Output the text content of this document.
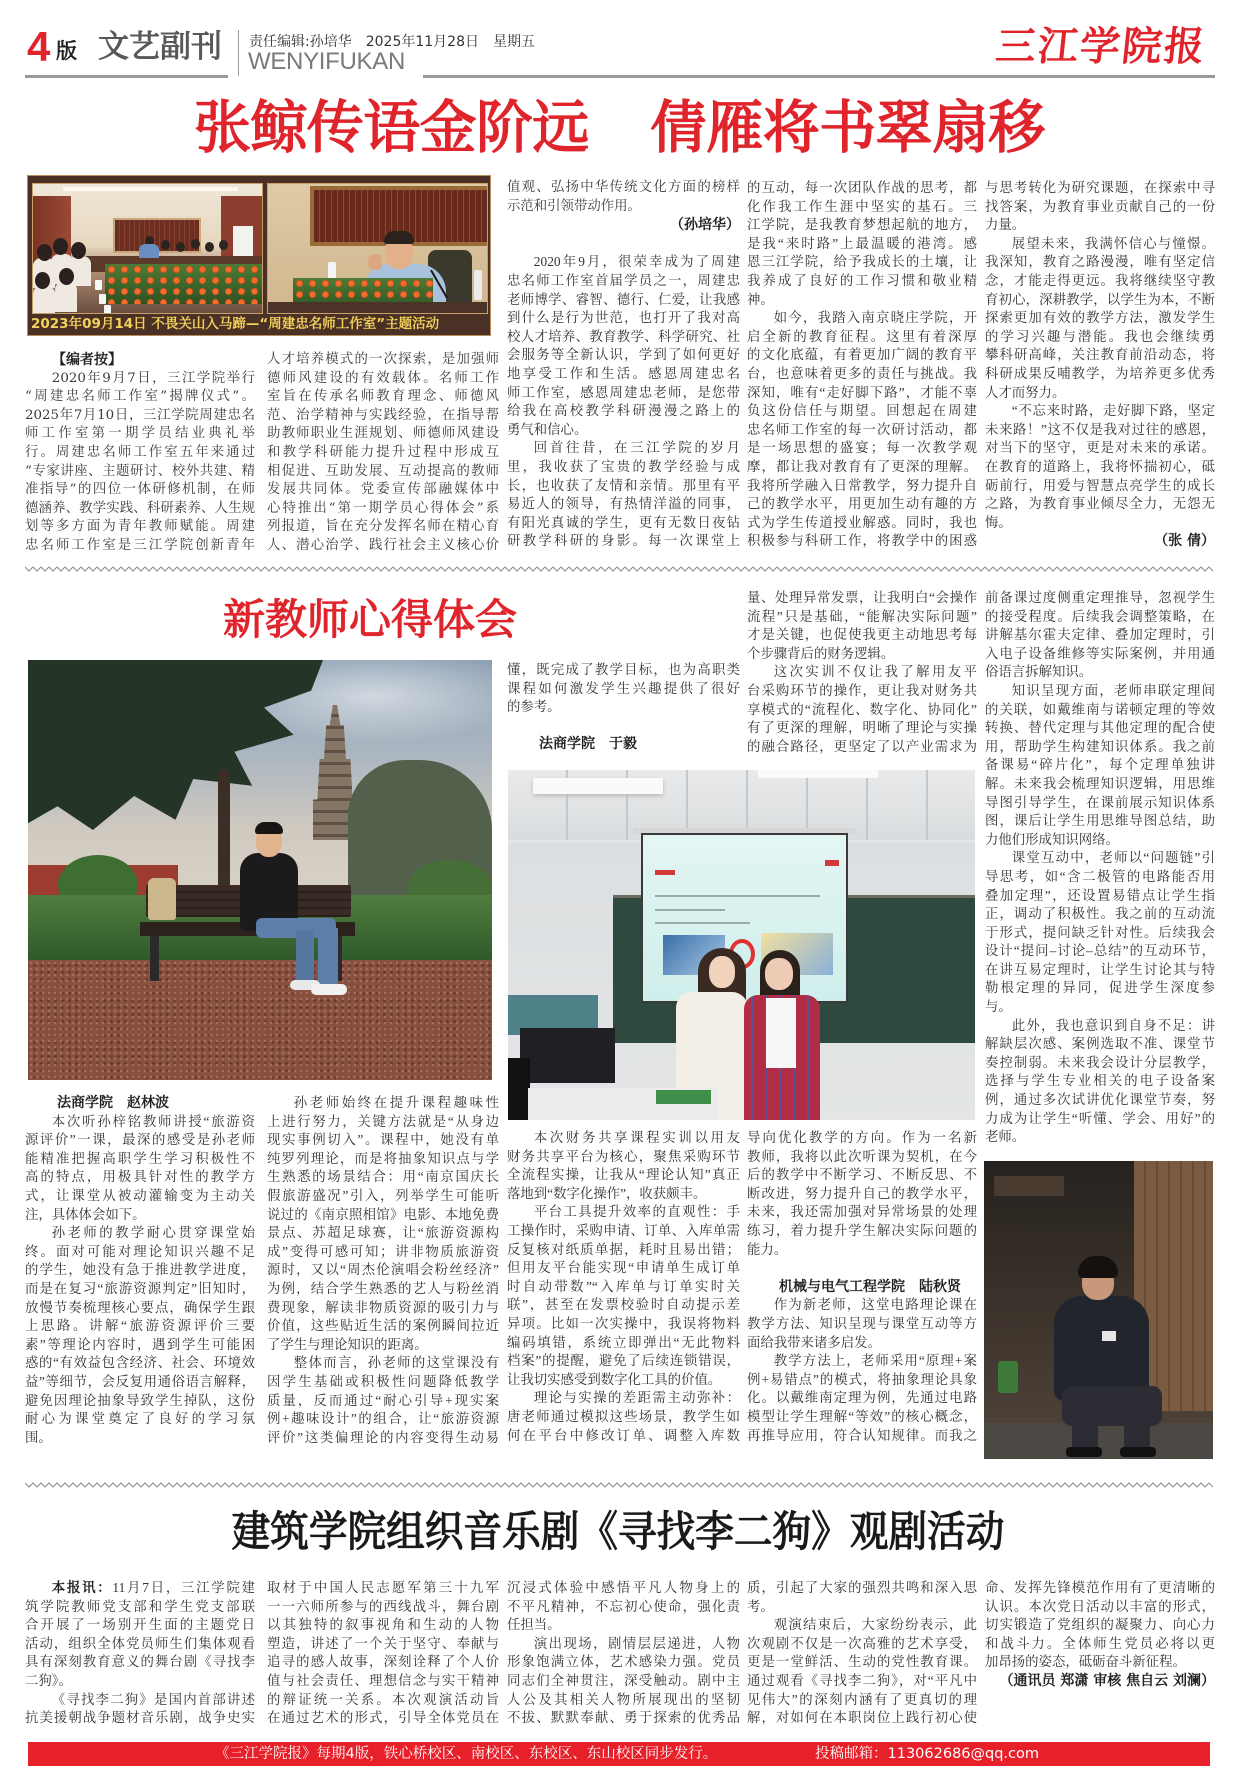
4 版 文艺副刊 责任编辑:孙培华 2025年11月28日 星期五
WENYIFUKAN	三江学院报
张鲸传语金阶远 倩雁将书翠扇移
2023年09月14日 不畏关山入马蹄—“周建忠名师工作室”主题活动
【编者按】
2020年9月7日，三江学院举行
“周建忠名师工作室”揭牌仪式”。
2025年7月10日，三江学院周建忠名
师工作室第一期学员结业典礼举
行。周建忠名师工作室五年来通过
“专家讲座、主题研讨、校外共建、精
准指导”的四位一体研修机制，在师
德涵养、教学实践、科研素养、人生规
划等多方面为青年教师赋能。周建
忠名师工作室是三江学院创新青年
人才培养模式的一次探索，是加强师
德师风建设的有效载体。名师工作
室旨在传承名师教育理念、师德风
范、治学精神与实践经验，在指导帮
助教师职业生涯规划、师德师风建设
和教学科研能力提升过程中形成互
相促进、互助发展、互动提高的教师
发展共同体。党委宣传部融媒体中
心特推出“第一期学员心得体会”系
列报道，旨在充分发挥名师在精心育
人、潜心治学、践行社会主义核心价
值观、弘扬中华传统文化方面的榜样
示范和引领带动作用。
（孙培华）
2020年9月，很荣幸成为了周建
忠名师工作室首届学员之一，周建忠
老师博学、睿智、德行、仁爱，让我感
到什么是行为世范，也打开了我对高
校人才培养、教育教学、科学研究、社
会服务等全新认识，学到了如何更好
地享受工作和生活。感恩周建忠名
师工作室，感恩周建忠老师，是您带
给我在高校教学科研漫漫之路上的
勇气和信心。
回首往昔，在三江学院的岁月
里，我收获了宝贵的教学经验与成
长，也收获了友情和亲情。那里有平
易近人的领导，有热情洋溢的同事，
有阳光真诚的学生，更有无数日夜钻
研教学科研的身影。每一次课堂上
的互动，每一次团队作战的思考，都
化作我工作生涯中坚实的基石。三
江学院，是我教育梦想起航的地方，
是我“来时路”上最温暖的港湾。感
恩三江学院，给予我成长的土壤，让
我养成了良好的工作习惯和敬业精
神。
如今，我踏入南京晓庄学院，开
启全新的教育征程。这里有着深厚
的文化底蕴，有着更加广阔的教育平
台，也意味着更多的责任与挑战。我
深知，唯有“走好脚下路”，才能不辜
负这份信任与期望。回想起在周建
忠名师工作室的每一次研讨活动，都
是一场思想的盛宴；每一次教学观
摩，都让我对教育有了更深的理解。
我将所学融入日常教学，努力提升自
己的教学水平，用更加生动有趣的方
式为学生传道授业解惑。同时，我也
积极参与科研工作，将教学中的困惑
与思考转化为研究课题，在探索中寻
找答案，为教育事业贡献自己的一份
力量。
展望未来，我满怀信心与憧憬。
我深知，教育之路漫漫，唯有坚定信
念，才能走得更远。我将继续坚守教
育初心，深耕教学，以学生为本，不断
探索更加有效的教学方法，激发学生
的学习兴趣与潜能。我也会继续勇
攀科研高峰，关注教育前沿动态，将
科研成果反哺教学，为培养更多优秀
人才而努力。
“不忘来时路，走好脚下路，坚定
未来路！”这不仅是我对过往的感恩，
对当下的坚守，更是对未来的承诺。
在教育的道路上，我将怀揣初心，砥
砺前行，用爱与智慧点亮学生的成长
之路，为教育事业倾尽全力，无怨无
悔。
（张 倩）
新教师心得体会
懂，既完成了教学目标，也为高职类
课程如何激发学生兴趣提供了很好
的参考。
法商学院　于毅
量、处理异常发票，让我明白“会操作
流程”只是基础，“能解决实际问题”
才是关键，也促使我更主动地思考每
个步骤背后的财务逻辑。
这次实训不仅让我了解用友平
台采购环节的操作，更让我对财务共
享模式的“流程化、数字化、协同化”
有了更深的理解，明晰了理论与实操
的融合路径，更坚定了以产业需求为
前备课过度侧重定理推导，忽视学生
的接受程度。后续我会调整策略，在
讲解基尔霍夫定律、叠加定理时，引
入电子设备维修等实际案例，并用通
俗语言拆解知识。
知识呈现方面，老师串联定理间
的关联，如戴维南与诺顿定理的等效
转换、替代定理与其他定理的配合使
用，帮助学生构建知识体系。我之前
备课易“碎片化”，每个定理单独讲
解。未来我会梳理知识逻辑，用思维
导图引导学生，在课前展示知识体系
图，课后让学生用思维导图总结，助
力他们形成知识网络。
课堂互动中，老师以“问题链”引
导思考，如“含二极管的电路能否用
叠加定理”，还设置易错点让学生指
正，调动了积极性。我之前的互动流
于形式，提问缺乏针对性。后续我会
设计“提问–讨论–总结”的互动环节，
在讲互易定理时，让学生讨论其与特
勒根定理的异同，促进学生深度参
与。
此外，我也意识到自身不足：讲
解缺层次感、案例选取不准、课堂节
奏控制弱。未来我会设计分层教学，
选择与学生专业相关的电子设备案
例，通过多次试讲优化课堂节奏，努
力成为让学生“听懂、学会、用好”的
老师。
法商学院　赵林波
本次听孙梓铭教师讲授“旅游资
源评价”一课，最深的感受是孙老师
能精准把握高职学生学习积极性不
高的特点，用极具针对性的教学方
式，让课堂从被动灌输变为主动关
注，具体体会如下。
孙老师的教学耐心贯穿课堂始
终。面对可能对理论知识兴趣不足
的学生，她没有急于推进教学进度，
而是在复习“旅游资源判定”旧知时，
放慢节奏梳理核心要点，确保学生跟
上思路。讲解“旅游资源评价三要
素”等理论内容时，遇到学生可能困
惑的“有效益包含经济、社会、环境效
益”等细节，会反复用通俗语言解释，
避免因理论抽象导致学生掉队，这份
耐心为课堂奠定了良好的学习氛
围。
孙老师始终在提升课程趣味性
上进行努力，关键方法就是“从身边
现实事例切入”。课程中，她没有单
纯罗列理论，而是将抽象知识点与学
生熟悉的场景结合：用“南京国庆长
假旅游盛况”引入，列举学生可能听
说过的《南京照相馆》电影、本地免费
景点、苏超足球赛，让“旅游资源构
成”变得可感可知；讲非物质旅游资
源时，又以“周杰伦演唱会粉丝经济”
为例，结合学生熟悉的艺人与粉丝消
费现象，解读非物质资源的吸引力与
价值，这些贴近生活的案例瞬间拉近
了学生与理论知识的距离。
整体而言，孙老师的这堂课没有
因学生基础或积极性问题降低教学
质量，反而通过“耐心引导+现实案
例+趣味设计”的组合，让“旅游资源
评价”这类偏理论的内容变得生动易
本次财务共享课程实训以用友
财务共享平台为核心，聚焦采购环节
全流程实操，让我从“理论认知”真正
落地到“数字化操作”，收获颇丰。
平台工具提升效率的直观性：手
工操作时，采购申请、订单、入库单需
反复核对纸质单据，耗时且易出错；
但用友平台能实现“申请单生成订单
时自动带数”“入库单与订单实时关
联”，甚至在发票校验时自动提示差
异项。比如一次实操中，我误将物料
编码填错，系统立即弹出“无此物料
档案”的提醒，避免了后续连锁错误，
让我切实感受到数字化工具的价值。
理论与实操的差距需主动弥补：
唐老师通过模拟这些场景，教学生如
何在平台中修改订单、调整入库数
导向优化教学的方向。作为一名新
教师，我将以此次听课为契机，在今
后的教学中不断学习、不断反思、不
断改进，努力提升自己的教学水平，
未来，我还需加强对异常场景的处理
练习，着力提升学生解决实际问题的
能力。
机械与电气工程学院　陆秋贤
作为新老师，这堂电路理论课在
教学方法、知识呈现与课堂互动等方
面给我带来诸多启发。
教学方法上，老师采用“原理+案
例+易错点”的模式，将抽象理论具象
化。以戴维南定理为例，先通过电路
模型让学生理解“等效”的核心概念，
再推导应用，符合认知规律。而我之
建筑学院组织音乐剧《寻找李二狗》观剧活动
本报讯：11月7日，三江学院建
筑学院教师党支部和学生党支部联
合开展了一场别开生面的主题党日
活动，组织全体党员师生们集体观看
具有深刻教育意义的舞台剧《寻找李
二狗》。
《寻找李二狗》是国内首部讲述
抗美援朝战争题材音乐剧，战争史实
取材于中国人民志愿军第三十九军
一一六师所参与的西线战斗，舞台剧
以其独特的叙事视角和生动的人物
塑造，讲述了一个关于坚守、奉献与
追寻的感人故事，深刻诠释了个人价
值与社会责任、理想信念与实干精神
的辩证统一关系。本次观演活动旨
在通过艺术的形式，引导全体党员在
沉浸式体验中感悟平凡人物身上的
不平凡精神，不忘初心使命，强化责
任担当。
演出现场，剧情层层递进，人物
形象饱满立体，艺术感染力强。党员
同志们全神贯注，深受触动。剧中主
人公及其相关人物所展现出的坚韧
不拔、默默奉献、勇于探索的优秀品
质，引起了大家的强烈共鸣和深入思
考。
观演结束后，大家纷纷表示，此
次观剧不仅是一次高雅的艺术享受，
更是一堂鲜活、生动的党性教育课。
通过观看《寻找李二狗》，对“平凡中
见伟大”的深刻内涵有了更真切的理
解，对如何在本职岗位上践行初心使
命、发挥先锋模范作用有了更清晰的
认识。本次党日活动以丰富的形式，
切实锻造了党组织的凝聚力、向心力
和战斗力。全体师生党员必将以更
加昂扬的姿态，砥砺奋斗新征程。
（通讯员 郑潇 审核 焦自云 刘澜）
《三江学院报》每期4版，铁心桥校区、南校区、东校区、东山校区同步发行。	投稿邮箱：113062686@qq.com
